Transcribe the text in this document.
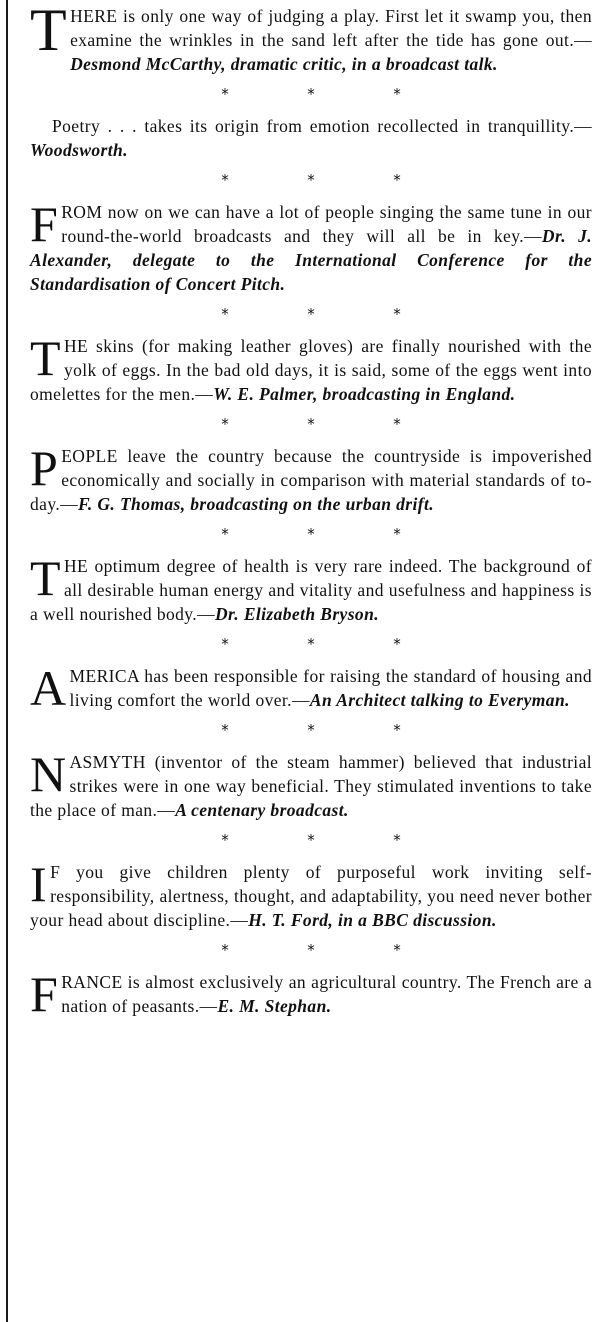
THERE is only one way of judging a play. First let it swamp you, then examine the wrinkles in the sand left after the tide has gone out.— Desmond McCarthy, dramatic critic, in a broadcast talk.

*	*	*

Poetry . . . takes its origin from emotion recollected in tranquillity.—Woodsworth.

*	*	*

FROM now on we can have a lot of people singing the same tune in our round-the-world broadcasts and they will all be in key.—Dr. J. Alexander, delegate to the International Conference for the Standardisation of Concert Pitch.

*	*	*

THE skins (for making leather gloves) are finally nourished with the yolk of eggs. In the bad old days, it is said, some of the eggs went into omelettes for the men.—W. E. Palmer, broadcasting in England.

*	*	*

PEOPLE leave the country because the countryside is impoverished economically and socially in comparison with material standards of to-day.—F. G. Thomas, broadcasting on the urban drift.

*	*	*

THE optimum degree of health is very rare indeed. The background of all desirable human energy and vitality and usefulness and happiness is a well nourished body.—Dr. Elizabeth Bryson.

*	*	*

AMERICA has been responsible for raising the standard of housing and living comfort the world over.—An Architect talking to Everyman.

*	*	*

NASMYTH (inventor of the steam hammer) believed that industrial strikes were in one way beneficial. They stimulated inventions to take the place of man.—A centenary broadcast.

*	*	*

I F you give children plenty of purposeful work inviting self-responsibility, alertness, thought, and adaptability, you need never bother your head about discipline.—H. T. Ford, in a BBC discussion.

*	*	*

FRANCE is almost exclusively an agricultural country. The French are a nation of peasants.—E. M. Stephan.
